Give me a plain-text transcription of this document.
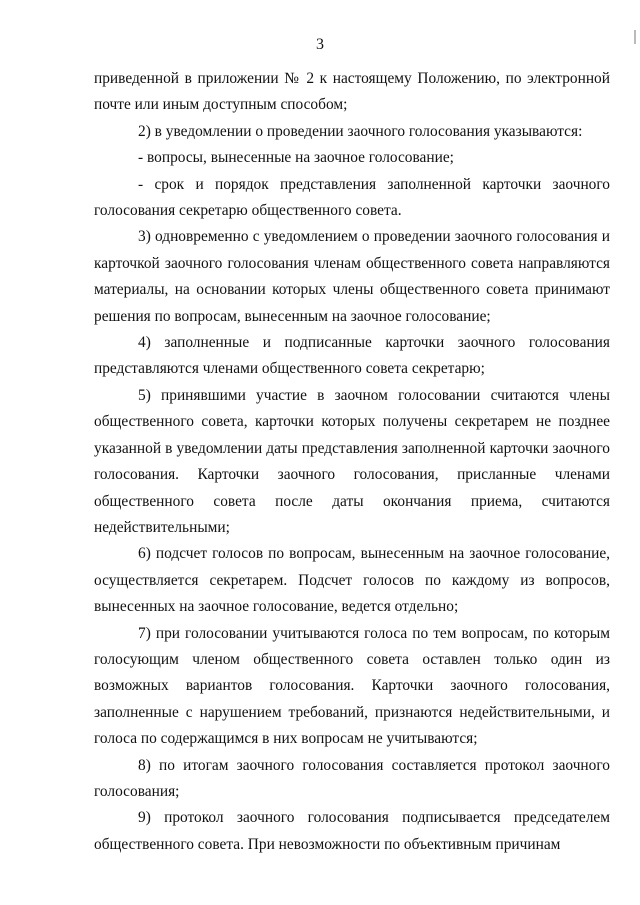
3

приведенной в приложении № 2 к настоящему Положению, по электронной почте или иным доступным способом;

2) в уведомлении о проведении заочного голосования указываются:

- вопросы, вынесенные на заочное голосование;

- срок и порядок представления заполненной карточки заочного голосования секретарю общественного совета.

3) одновременно с уведомлением о проведении заочного голосования и карточкой заочного голосования членам общественного совета направляются материалы, на основании которых члены общественного совета принимают решения по вопросам, вынесенным на заочное голосование;

4) заполненные и подписанные карточки заочного голосования представляются членами общественного совета секретарю;

5) принявшими участие в заочном голосовании считаются члены общественного совета, карточки которых получены секретарем не позднее указанной в уведомлении даты представления заполненной карточки заочного голосования. Карточки заочного голосования, присланные членами общественного совета после даты окончания приема, считаются недействительными;

6) подсчет голосов по вопросам, вынесенным на заочное голосование, осуществляется секретарем. Подсчет голосов по каждому из вопросов, вынесенных на заочное голосование, ведется отдельно;

7) при голосовании учитываются голоса по тем вопросам, по которым голосующим членом общественного совета оставлен только один из возможных вариантов голосования. Карточки заочного голосования, заполненные с нарушением требований, признаются недействительными, и голоса по содержащимся в них вопросам не учитываются;

8) по итогам заочного голосования составляется протокол заочного голосования;

9) протокол заочного голосования подписывается председателем общественного совета. При невозможности по объективным причинам
